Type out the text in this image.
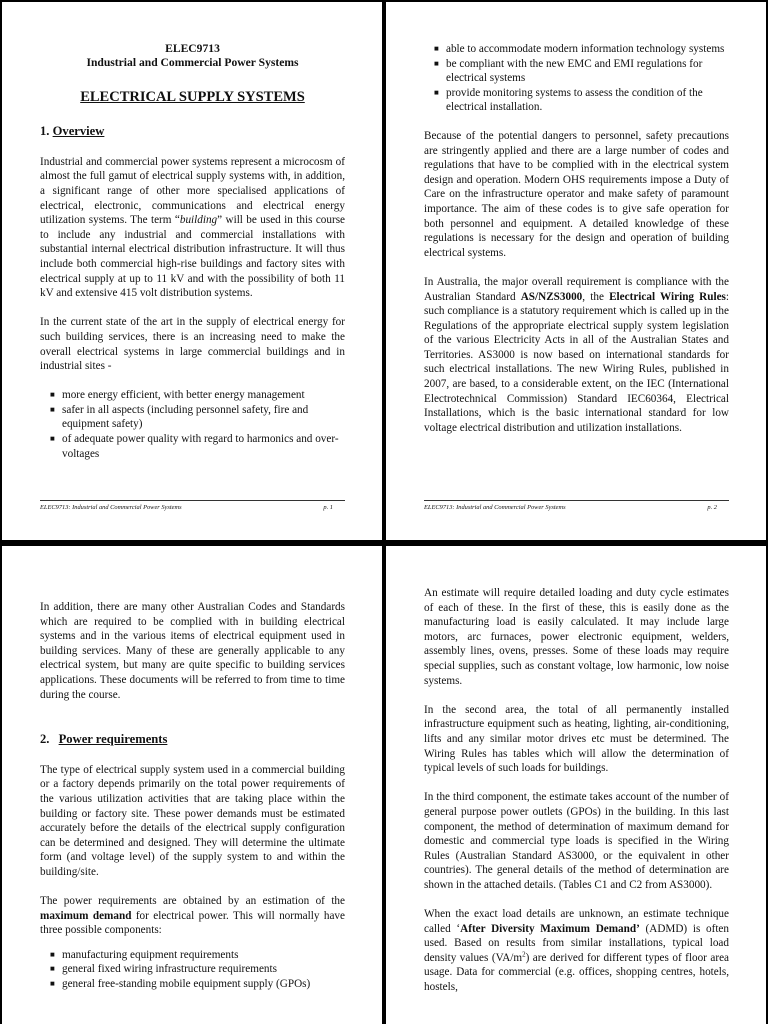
ELEC9713
Industrial and Commercial Power Systems
ELECTRICAL SUPPLY SYSTEMS
1. Overview

Industrial and commercial power systems represent a microcosm of almost the full gamut of electrical supply systems with, in addition, a significant range of other more specialised applications of electrical, electronic, communications and electrical energy utilization systems. The term “building” will be used in this course to include any industrial and commercial installations with substantial internal electrical distribution infrastructure. It will thus include both commercial high-rise buildings and factory sites with electrical supply at up to 11 kV and with the possibility of both 11 kV and extensive 415 volt distribution systems.

In the current state of the art in the supply of electrical energy for such building services, there is an increasing need to make the overall electrical systems in large commercial buildings and in industrial sites -

■ more energy efficient, with better energy management
■ safer in all aspects (including personnel safety, fire and equipment safety)
■ of adequate power quality with regard to harmonics and over-voltages
ELEC9713: Industrial and Commercial Power Systems	p. 1
■ able to accommodate modern information technology systems
■ be compliant with the new EMC and EMI regulations for electrical systems
■ provide monitoring systems to assess the condition of the electrical installation.

Because of the potential dangers to personnel, safety precautions are stringently applied and there are a large number of codes and regulations that have to be complied with in the electrical system design and operation. Modern OHS requirements impose a Duty of Care on the infrastructure operator and make safety of paramount importance. The aim of these codes is to give safe operation for both personnel and equipment. A detailed knowledge of these regulations is necessary for the design and operation of building electrical systems.

In Australia, the major overall requirement is compliance with the Australian Standard AS/NZS3000, the Electrical Wiring Rules: such compliance is a statutory requirement which is called up in the Regulations of the appropriate electrical supply system legislation of the various Electricity Acts in all of the Australian States and Territories. AS3000 is now based on international standards for such electrical installations. The new Wiring Rules, published in 2007, are based, to a considerable extent, on the IEC (International Electrotechnical Commission) Standard IEC60364, Electrical Installations, which is the basic international standard for low voltage electrical distribution and utilization installations.

ELEC9713: Industrial and Commercial Power Systems	p. 2

In addition, there are many other Australian Codes and Standards which are required to be complied with in building electrical systems and in the various items of electrical equipment used in building services. Many of these are generally applicable to any electrical system, but many are quite specific to building services applications. These documents will be referred to from time to time during the course.

2. Power requirements

The type of electrical supply system used in a commercial building or a factory depends primarily on the total power requirements of the various utilization activities that are taking place within the building or factory site. These power demands must be estimated accurately before the details of the electrical supply configuration can be determined and designed. They will determine the ultimate form (and voltage level) of the supply system to and within the building/site.

The power requirements are obtained by an estimation of the maximum demand for electrical power. This will normally have three possible components:

■ manufacturing equipment requirements
■ general fixed wiring infrastructure requirements
■ general free-standing mobile equipment supply (GPOs)

An estimate will require detailed loading and duty cycle estimates of each of these. In the first of these, this is easily done as the manufacturing load is easily calculated. It may include large motors, arc furnaces, power electronic equipment, welders, assembly lines, ovens, presses. Some of these loads may require special supplies, such as constant voltage, low harmonic, low noise systems.

In the second area, the total of all permanently installed infrastructure equipment such as heating, lighting, air-conditioning, lifts and any similar motor drives etc must be determined. The Wiring Rules has tables which will allow the determination of typical levels of such loads for buildings.

In the third component, the estimate takes account of the number of general purpose power outlets (GPOs) in the building. In this last component, the method of determination of maximum demand for domestic and commercial type loads is specified in the Wiring Rules (Australian Standard AS3000, or the equivalent in other countries). The general details of the method of determination are shown in the attached details. (Tables C1 and C2 from AS3000).

When the exact load details are unknown, an estimate technique called ‘After Diversity Maximum Demand’ (ADMD) is often used. Based on results from similar installations, typical load density values $(VA/m^2)$ are derived for different types of floor area usage. Data for commercial (e.g. offices, shopping centres, hotels, hostels,
